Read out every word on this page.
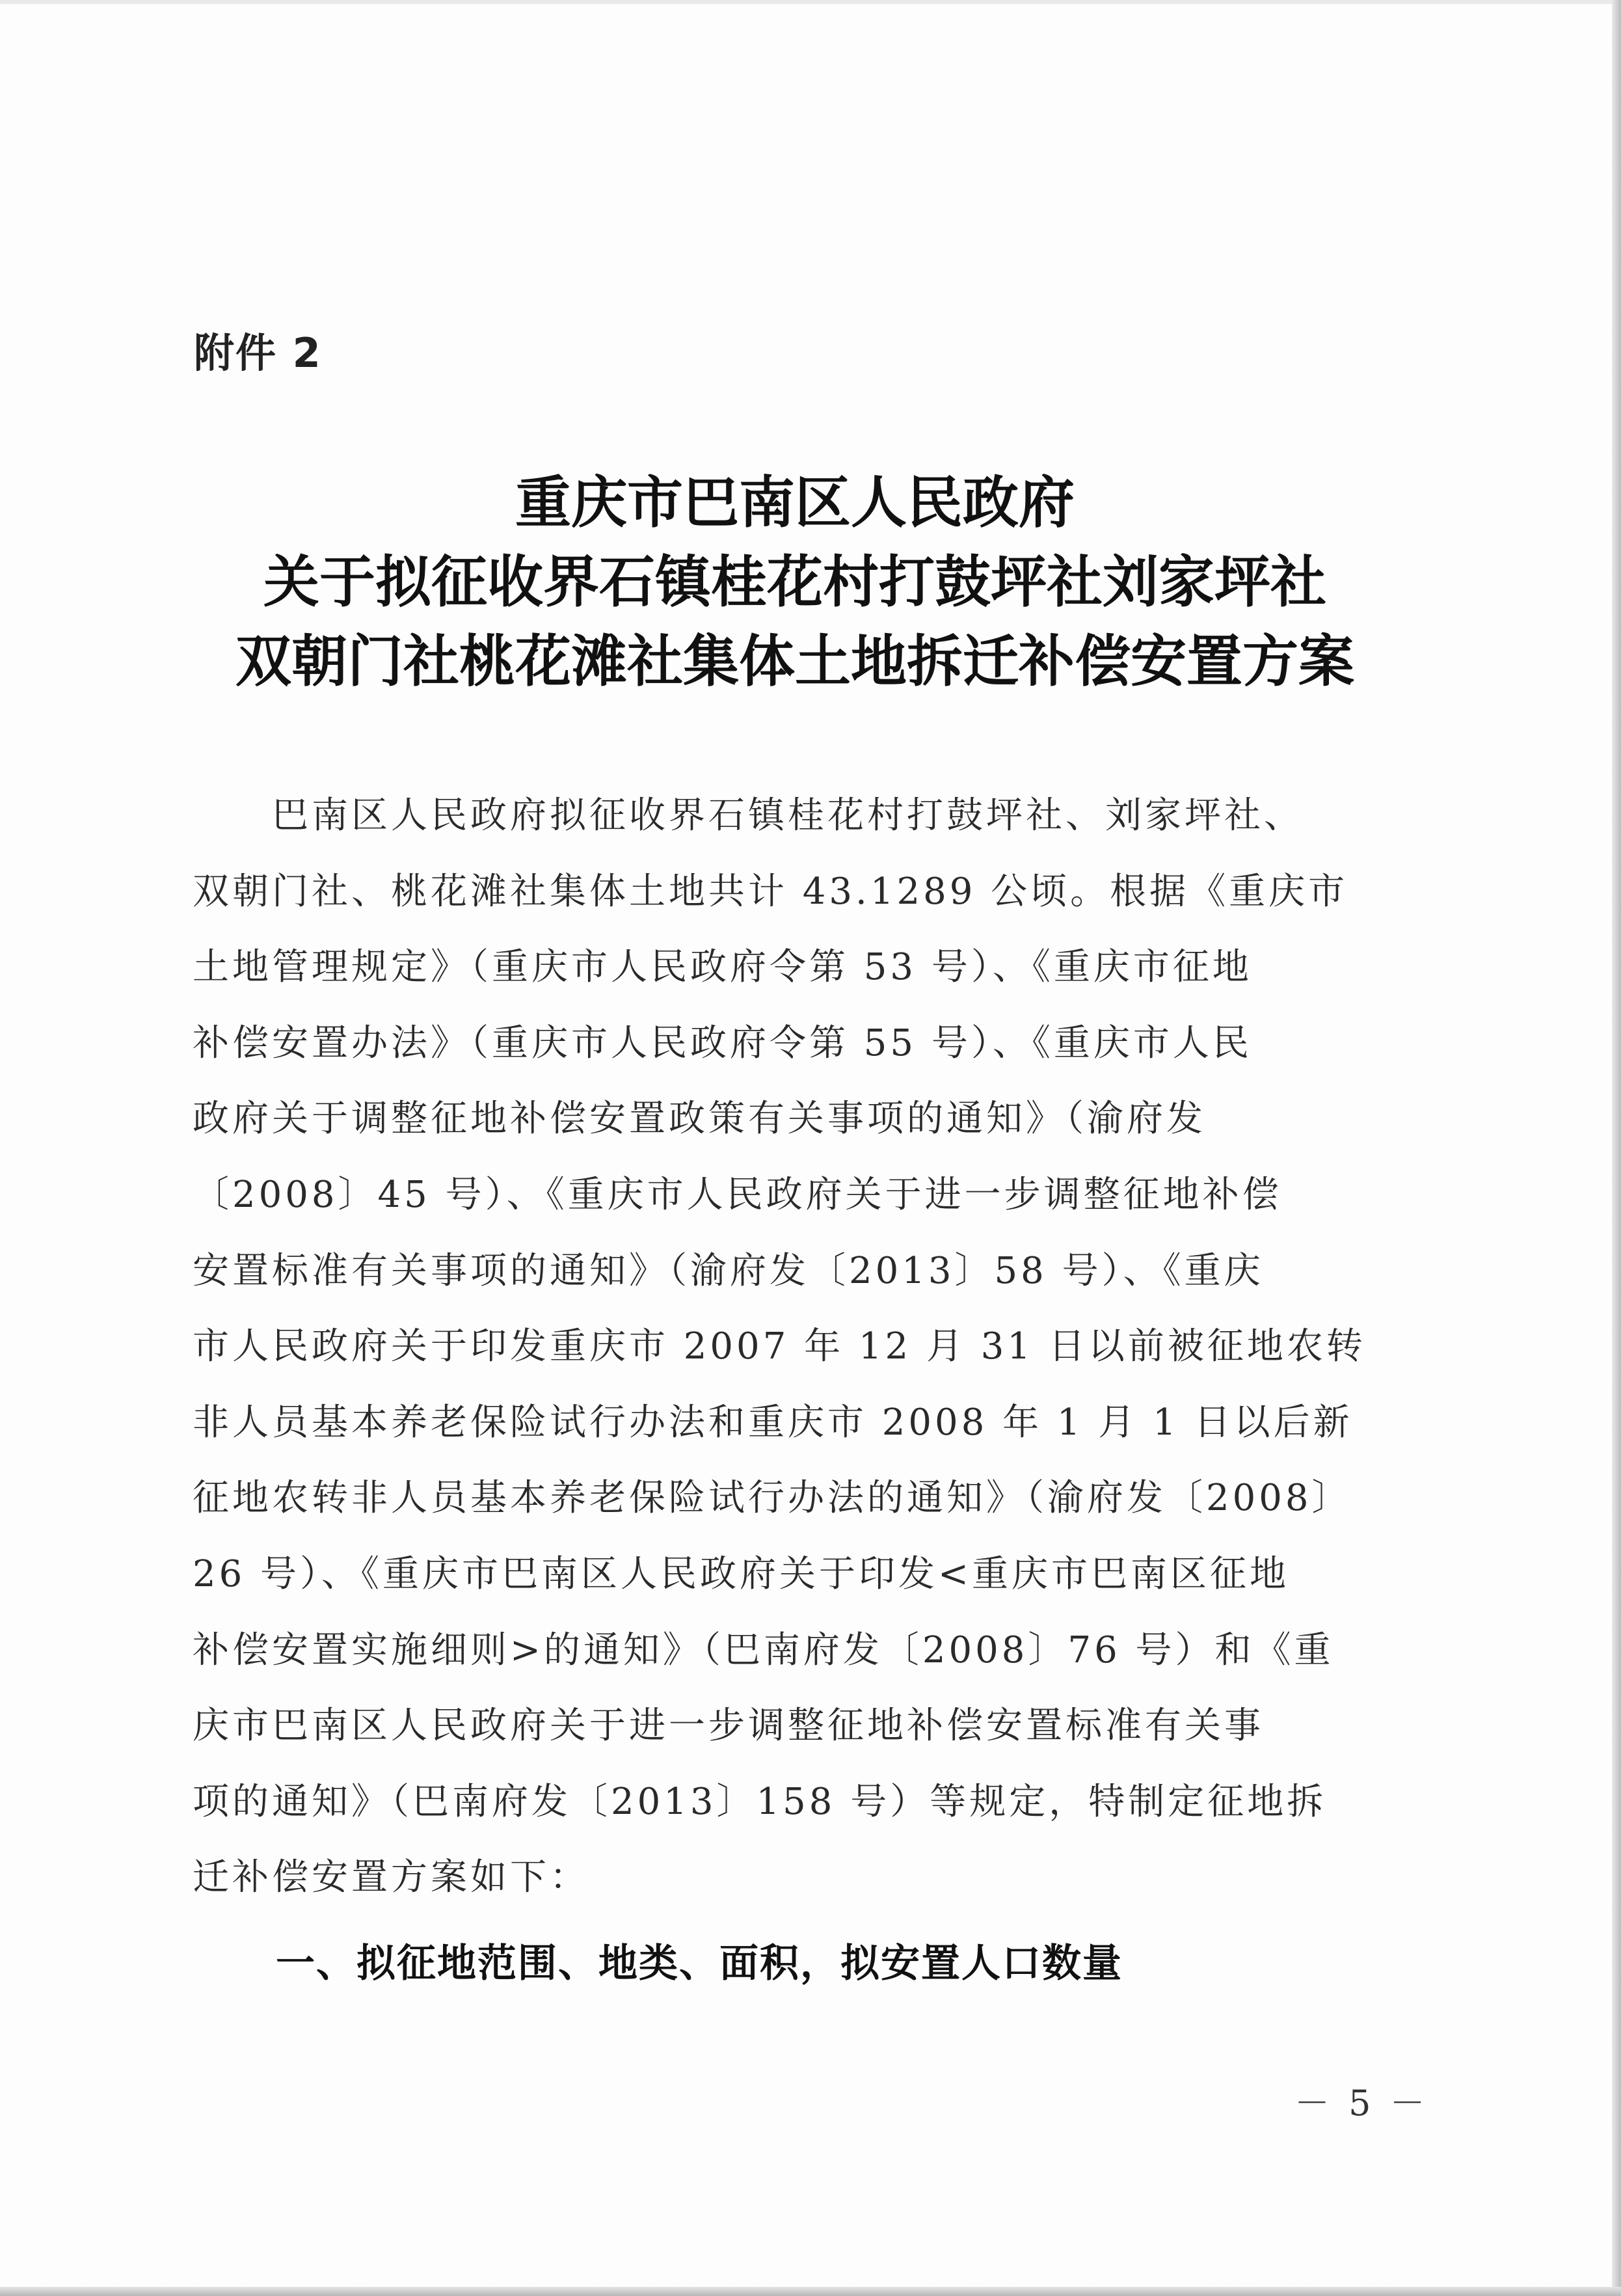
附件 2
重庆市巴南区人民政府
关于拟征收界石镇桂花村打鼓坪社刘家坪社
双朝门社桃花滩社集体土地拆迁补偿安置方案
　　巴南区人民政府拟征收界石镇桂花村打鼓坪社、刘家坪社、
双朝门社、桃花滩社集体土地共计 43.1289 公顷。根据《重庆市
土地管理规定》（重庆市人民政府令第 53 号）、《重庆市征地
补偿安置办法》（重庆市人民政府令第 55 号）、《重庆市人民
政府关于调整征地补偿安置政策有关事项的通知》（渝府发
〔2008〕45 号）、《重庆市人民政府关于进一步调整征地补偿
安置标准有关事项的通知》（渝府发〔2013〕58 号）、《重庆
市人民政府关于印发重庆市 2007 年 12 月 31 日以前被征地农转
非人员基本养老保险试行办法和重庆市 2008 年 1 月 1 日以后新
征地农转非人员基本养老保险试行办法的通知》（渝府发〔2008〕
26 号）、《重庆市巴南区人民政府关于印发<重庆市巴南区征地
补偿安置实施细则>的通知》（巴南府发〔2008〕76 号）和《重
庆市巴南区人民政府关于进一步调整征地补偿安置标准有关事
项的通知》（巴南府发〔2013〕158 号）等规定，特制定征地拆
迁补偿安置方案如下：
一、拟征地范围、地类、面积，拟安置人口数量
－ 5 －
